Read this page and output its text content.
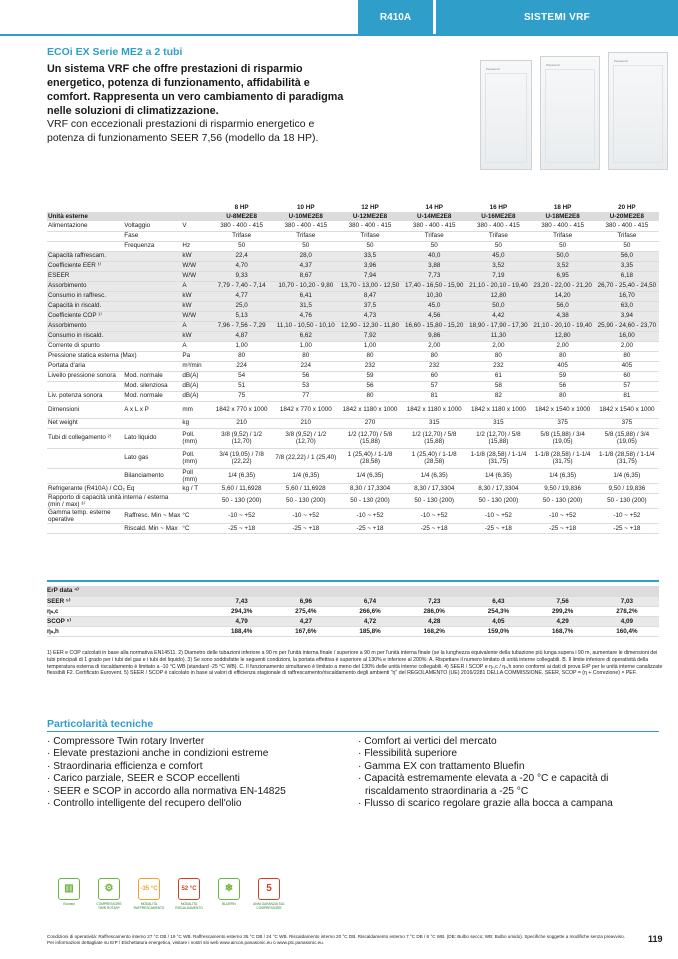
R410A	SISTEMI VRF
ECOi EX Serie ME2 a 2 tubi
Un sistema VRF che offre prestazioni di risparmio energetico, potenza di funzionamento, affidabilità e comfort. Rappresenta un vero cambiamento di paradigma nelle soluzioni di climatizzazione.
VRF con eccezionali prestazioni di risparmio energetico e potenza di funzionamento SEER 7,56 (modello da 18 HP).
Panasonic
Panasonic
Panasonic
			8 HP	10 HP	12 HP	14 HP	16 HP	18 HP	20 HP
Unità esterne			U-8ME2E8	U-10ME2E8	U-12ME2E8	U-14ME2E8	U-16ME2E8	U-18ME2E8	U-20ME2E8
Alimentazione	Voltaggio	V	380 - 400 - 415	380 - 400 - 415	380 - 400 - 415	380 - 400 - 415	380 - 400 - 415	380 - 400 - 415	380 - 400 - 415
	Fase		Trifase	Trifase	Trifase	Trifase	Trifase	Trifase	Trifase
	Frequenza	Hz	50	50	50	50	50	50	50
Capacità raffrescam.		kW	22,4	28,0	33,5	40,0	45,0	50,0	56,0
Coefficiente EER ¹⁾		W/W	4,70	4,37	3,96	3,88	3,52	3,52	3,35
ESEER		W/W	9,33	8,67	7,94	7,73	7,19	6,95	6,18
Assorbimento		A	7,79 - 7,40 - 7,14	10,70 - 10,20 - 9,80	13,70 - 13,00 - 12,50	17,40 - 16,50 - 15,90	21,10 - 20,10 - 19,40	23,20 - 22,00 - 21,20	26,70 - 25,40 - 24,50
Consumo in raffresc.		kW	4,77	6,41	8,47	10,30	12,80	14,20	16,70
Capacità in riscald.		kW	25,0	31,5	37,5	45,0	50,0	56,0	63,0
Coefficiente COP ¹⁾		W/W	5,13	4,76	4,73	4,56	4,42	4,38	3,94
Assorbimento		A	7,96 - 7,56 - 7,29	11,10 - 10,50 - 10,10	12,90 - 12,30 - 11,80	16,60 - 15,80 - 15,20	18,90 - 17,90 - 17,30	21,10 - 20,10 - 19,40	25,90 - 24,60 - 23,70
Consumo in riscald.		kW	4,87	6,62	7,92	9,86	11,30	12,80	16,00
Corrente di spunto		A	1,00	1,00	1,00	2,00	2,00	2,00	2,00
Pressione statica esterna (Max)		Pa	80	80	80	80	80	80	80
Portata d'aria		m³/min	224	224	232	232	232	405	405
Livello pressione sonora	Mod. normale	dB(A)	54	56	59	60	61	59	60
	Mod. silenziosa	dB(A)	51	53	56	57	58	56	57
Liv. potenza sonora	Mod. normale	dB(A)	75	77	80	81	82	80	81
Dimensioni	A x L x P	mm	1842 x 770 x 1000	1842 x 770 x 1000	1842 x 1180 x 1000	1842 x 1180 x 1000	1842 x 1180 x 1000	1842 x 1540 x 1000	1842 x 1540 x 1000
Net weight		kg	210	210	270	315	315	375	375
Tubi di collegamento ²⁾	Lato liquido	Poll. (mm)	3/8 (9,52) / 1/2 (12,70)	3/8 (9,52) / 1/2 (12,70)	1/2 (12,70) / 5/8 (15,88)	1/2 (12,70) / 5/8 (15,88)	1/2 (12,70) / 5/8 (15,88)	5/8 (15,88) / 3/4 (19,05)	5/8 (15,88) / 3/4 (19,05)
	Lato gas	Poll. (mm)	3/4 (19,05) / 7/8 (22,22)	7/8 (22,22) / 1 (25,40)	1 (25,40) / 1-1/8 (28,58)	1 (25,40) / 1-1/8 (28,58)	1-1/8 (28,58) / 1-1/4 (31,75)	1-1/8 (28,58) / 1-1/4 (31,75)	1-1/8 (28,58) / 1-1/4 (31,75)
	Bilanciamento	Poll (mm)	1/4 (6,35)	1/4 (6,35)	1/4 (6,35)	1/4 (6,35)	1/4 (6,35)	1/4 (6,35)	1/4 (6,35)
Refrigerante (R410A) / CO₂ Eq		kg / T	5,60 / 11,6928	5,60 / 11,6928	8,30 / 17,3304	8,30 / 17,3304	8,30 / 17,3304	9,50 / 19,836	9,50 / 19,836
Rapporto di capacità unità interna / esterna (min / max) ³⁾			50 - 130 (200)	50 - 130 (200)	50 - 130 (200)	50 - 130 (200)	50 - 130 (200)	50 - 130 (200)	50 - 130 (200)
Gamma temp. esterne operative	Raffresc. Min ~ Max	°C	-10 ~ +52	-10 ~ +52	-10 ~ +52	-10 ~ +52	-10 ~ +52	-10 ~ +52	-10 ~ +52
	Riscald. Min ~ Max	°C	-25 ~ +18	-25 ~ +18	-25 ~ +18	-25 ~ +18	-25 ~ +18	-25 ~ +18	-25 ~ +18
ErP data ⁴⁾							
SEER ⁵⁾	7,43	6,96	6,74	7,23	6,43	7,56	7,03
ηₛ,c	294,3%	275,4%	266,6%	286,0%	254,3%	299,2%	278,2%
SCOP ⁵⁾	4,79	4,27	4,72	4,28	4,05	4,29	4,09
ηₛ,h	188,4%	167,6%	185,8%	168,2%	159,0%	168,7%	160,4%
1) EER e COP calcolati in base alla normativa EN14511. 2) Diametro delle tubazioni inferiore a 90 m per l'unità interna finale / superiore a 90 m per l'unità interna finale (se la lunghezza equivalente della tubazione più lunga supera i 90 m, aumentare le dimensioni dei tubi principali di 1 grado per i tubi del gas e i tubi del liquido). 3) Se sono soddisfatte le seguenti condizioni, la portata effettiva è superiore al 130% e inferiore al 200%: A. Rispettare il numero limitato di unità interne collegabili. B. Il limite inferiore di operatività della temperatura esterna di riscaldamento è limitato a -10 °C WB (standard -25 °C WB). C. Il funzionamento simultaneo è limitato a meno del 130% delle unità interne collegabili. 4) SEER / SCOP e ηₛ,c / ηₛ,h sono conformi ai dati di prova ErP per le unità interne canalizzate flessibili F2. Certificato Eurovent. 5) SEER / SCOP è calcolato in base ai valori di efficienza stagionale di raffrescamento/riscaldamento degli ambienti "η" del REGOLAMENTO (UE) 2016/2281 DELLA COMMISSIONE. SEER, SCOP = (η + Correzione) × PEF.
Particolarità tecniche
· Compressore Twin rotary Inverter
· Elevate prestazioni anche in condizioni estreme
· Straordinaria efficienza e comfort
· Carico parziale, SEER e SCOP eccellenti
· SEER e SCOP in accordo alla normativa EN-14825
· Controllo intelligente del recupero dell'olio
· Comfort ai vertici del mercato
· Flessibilità superiore
· Gamma EX con trattamento Bluefin
· Capacità estremamente elevata a -20 °C e capacità di riscaldamento straordinaria a -25 °C
· Flusso di scarico regolare grazie alla bocca a campana
▥
Econavi
⚙
COMPRESSORE TWIN ROTARY
-35 °C
MODALITÀ RAFFRESCAMENTO
52 °C
MODALITÀ RISCALDAMENTO
❄
BLUEFIN
5
ANNI GARANZIA SUL COMPRESSORE
Condizioni di operatività: Raffrescamento interno 27 °C DB / 19 °C WB. Raffrescamento esterno 35 °C DB / 24 °C WB. Riscaldamento interno 20 °C DB. Riscaldamento esterno 7 °C DB / 6 °C WB. (DB: Bulbo secco; WB: Bulbo umido). Specifiche soggette a modifiche senza preavviso. Per informazioni dettagliate su ErP / Etichettatura energetica, visitare i nostri siti web www.aircon.panasonic.eu o www.ptc.panasonic.eu.	119
